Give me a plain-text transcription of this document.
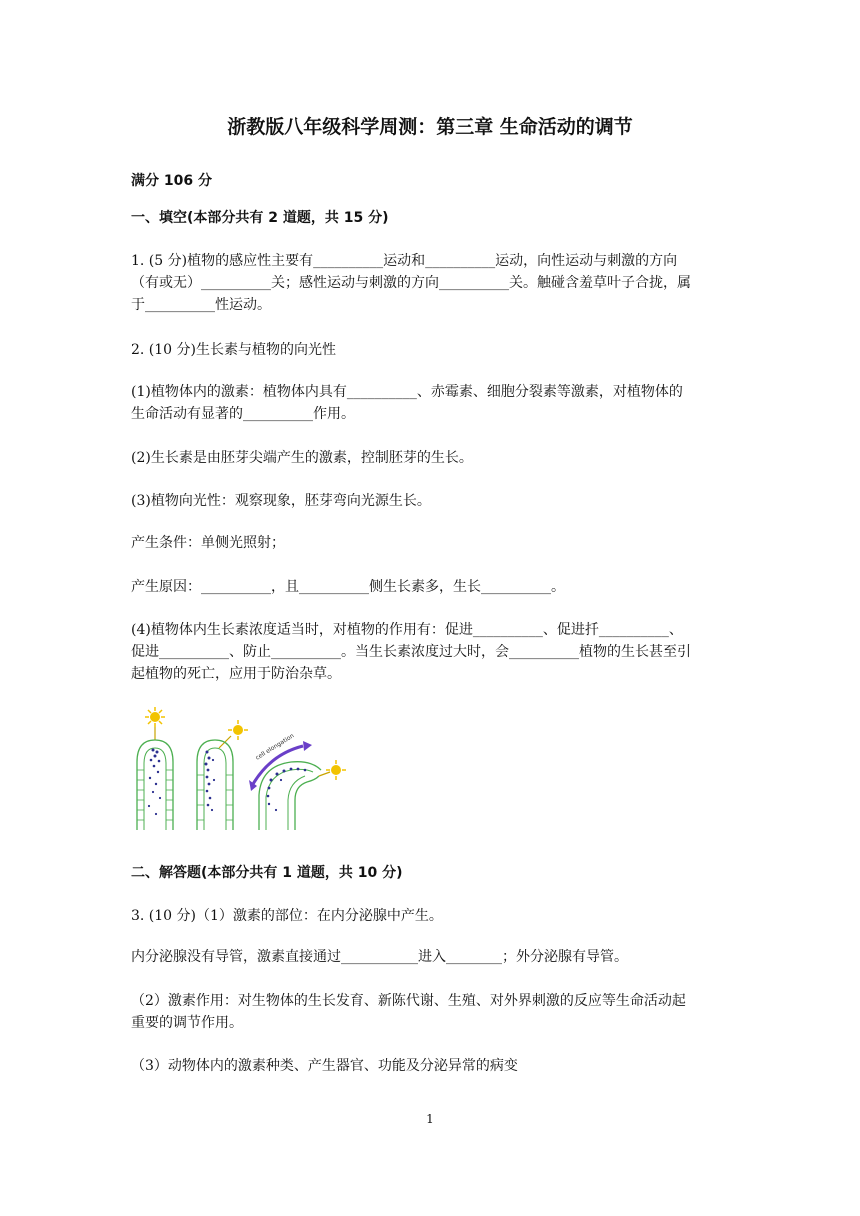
浙教版八年级科学周测：第三章 生命活动的调节
满分 106 分
一、填空(本部分共有 2 道题，共 15 分)
1. (5 分)植物的感应性主要有__________运动和__________运动，向性运动与刺激的方向
（有或无）__________关；感性运动与刺激的方向__________关。触碰含羞草叶子合拢，属
于__________性运动。
2. (10 分)生长素与植物的向光性
(1)植物体内的激素：植物体内具有__________、赤霉素、细胞分裂素等激素，对植物体的
生命活动有显著的__________作用。
(2)生长素是由胚芽尖端产生的激素，控制胚芽的生长。
(3)植物向光性：观察现象，胚芽弯向光源生长。
产生条件：单侧光照射；
产生原因：__________，且__________侧生长素多，生长__________。
(4)植物体内生长素浓度适当时，对植物的作用有：促进__________、促进扦__________、
促进__________、防止__________。当生长素浓度过大时，会__________植物的生长甚至引
起植物的死亡，应用于防治杂草。
cell elongation
二、解答题(本部分共有 1 道题，共 10 分)
3. (10 分)（1）激素的部位：在内分泌腺中产生。
内分泌腺没有导管，激素直接通过___________进入________；外分泌腺有导管。
（2）激素作用：对生物体的生长发育、新陈代谢、生殖、对外界刺激的反应等生命活动起
重要的调节作用。
（3）动物体内的激素种类、产生器官、功能及分泌异常的病变
1
